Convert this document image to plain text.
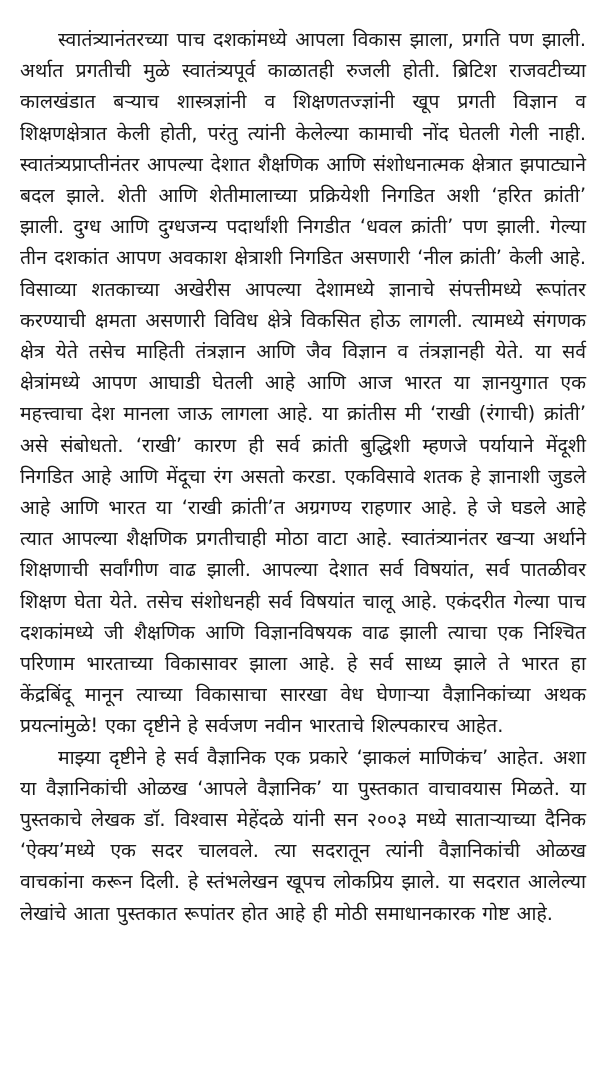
स्वातंत्र्यानंतरच्या पाच दशकांमध्ये आपला विकास झाला, प्रगति पण झाली. अर्थात प्रगतीची मुळे स्वातंत्र्यपूर्व काळातही रुजली होती. ब्रिटिश राजवटीच्या कालखंडात बऱ्याच शास्त्रज्ञांनी व शिक्षणतज्ज्ञांनी खूप प्रगती विज्ञान व शिक्षणक्षेत्रात केली होती, परंतु त्यांनी केलेल्या कामाची नोंद घेतली गेली नाही. स्वातंत्र्यप्राप्तीनंतर आपल्या देशात शैक्षणिक आणि संशोधनात्मक क्षेत्रात झपाट्याने बदल झाले. शेती आणि शेतीमालाच्या प्रक्रियेशी निगडित अशी ‘हरित क्रांती’ झाली. दुग्ध आणि दुग्धजन्य पदार्थांशी निगडीत ‘धवल क्रांती’ पण झाली. गेल्या तीन दशकांत आपण अवकाश क्षेत्राशी निगडित असणारी ‘नील क्रांती’ केली आहे. विसाव्या शतकाच्या अखेरीस आपल्या देशामध्ये ज्ञानाचे संपत्तीमध्ये रूपांतर करण्याची क्षमता असणारी विविध क्षेत्रे विकसित होऊ लागली. त्यामध्ये संगणक क्षेत्र येते तसेच माहिती तंत्रज्ञान आणि जैव विज्ञान व तंत्रज्ञानही येते. या सर्व क्षेत्रांमध्ये आपण आघाडी घेतली आहे आणि आज भारत या ज्ञानयुगात एक महत्त्वाचा देश मानला जाऊ लागला आहे. या क्रांतीस मी ‘राखी (रंगाची) क्रांती’ असे संबोधतो. ‘राखी’ कारण ही सर्व क्रांती बुद्धिशी म्हणजे पर्यायाने मेंदूशी निगडित आहे आणि मेंदूचा रंग असतो करडा. एकविसावे शतक हे ज्ञानाशी जुडले आहे आणि भारत या ‘राखी क्रांती’त अग्रगण्य राहणार आहे. हे जे घडले आहे त्यात आपल्या शैक्षणिक प्रगतीचाही मोठा वाटा आहे. स्वातंत्र्यानंतर खऱ्या अर्थाने शिक्षणाची सर्वांगीण वाढ झाली. आपल्या देशात सर्व विषयांत, सर्व पातळीवर शिक्षण घेता येते. तसेच संशोधनही सर्व विषयांत चालू आहे. एकंदरीत गेल्या पाच दशकांमध्ये जी शैक्षणिक आणि विज्ञानविषयक वाढ झाली त्याचा एक निश्चित परिणाम भारताच्या विकासावर झाला आहे. हे सर्व साध्य झाले ते भारत हा केंद्रबिंदू मानून त्याच्या विकासाचा सारखा वेध घेणाऱ्या वैज्ञानिकांच्या अथक प्रयत्नांमुळे! एका दृष्टीने हे सर्वजण नवीन भारताचे शिल्पकारच आहेत.

माझ्या दृष्टीने हे सर्व वैज्ञानिक एक प्रकारे ‘झाकलं माणिकंच’ आहेत. अशा या वैज्ञानिकांची ओळख ‘आपले वैज्ञानिक’ या पुस्तकात वाचावयास मिळते. या पुस्तकाचे लेखक डॉ. विश्वास मेहेंदळे यांनी सन २००३ मध्ये साताऱ्याच्या दैनिक ‘ऐक्य’मध्ये एक सदर चालवले. त्या सदरातून त्यांनी वैज्ञानिकांची ओळख वाचकांना करून दिली. हे स्तंभलेखन खूपच लोकप्रिय झाले. या सदरात आलेल्या लेखांचे आता पुस्तकात रूपांतर होत आहे ही मोठी समाधानकारक गोष्ट आहे.
